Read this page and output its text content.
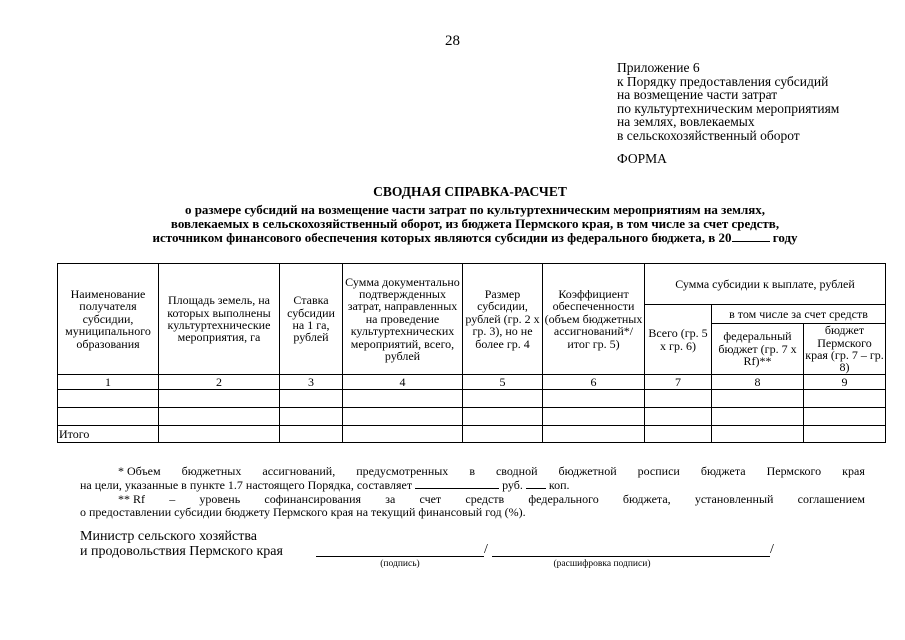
28
Приложение 6
к Порядку предоставления субсидий
на возмещение части затрат
по культуртехническим мероприятиям
на землях, вовлекаемых
в сельскохозяйственный оборот
ФОРМА
СВОДНАЯ СПРАВКА-РАСЧЕТ
о размере субсидий на возмещение части затрат по культуртехническим мероприятиям на землях,
вовлекаемых в сельскохозяйственный оборот, из бюджета Пермского края, в том числе за счет средств,
источником финансового обеспечения которых являются субсидии из федерального бюджета, в 20	году
Наименование получателя субсидии, муниципального образования	Площадь земель, на которых выполнены культуртехнические мероприятия, га	Ставка субсидии на 1 га, рублей	Сумма документально подтвержденных затрат, направленных на проведение культуртехнических мероприятий, всего, рублей	Размер субсидии, рублей (гр. 2 х гр. 3), но не более гр. 4	Коэффициент обеспеченности (объем бюджетных ассигнований*/ итог гр. 5)	Сумма субсидии к выплате, рублей		
						Всего (гр. 5 х гр. 6)	в том числе за счет средств	
							федеральный бюджет (гр. 7 х Rf)**	бюджет Пермского края (гр. 7 – гр. 8)
1	2	3	4	5	6	7	8	9

Итого								
* Объем бюджетных ассигнований, предусмотренных в сводной бюджетной росписи бюджета Пермского края
на цели, указанные в пункте 1.7 настоящего Порядка, составляет	руб. коп.
** Rf – уровень софинансирования за счет средств федерального бюджета, установленный соглашением
о предоставлении субсидии бюджету Пермского края на текущий финансовый год (%).
Министр сельского хозяйства
и продовольствия Пермского края	/	/
(подпись)	(расшифровка подписи)
